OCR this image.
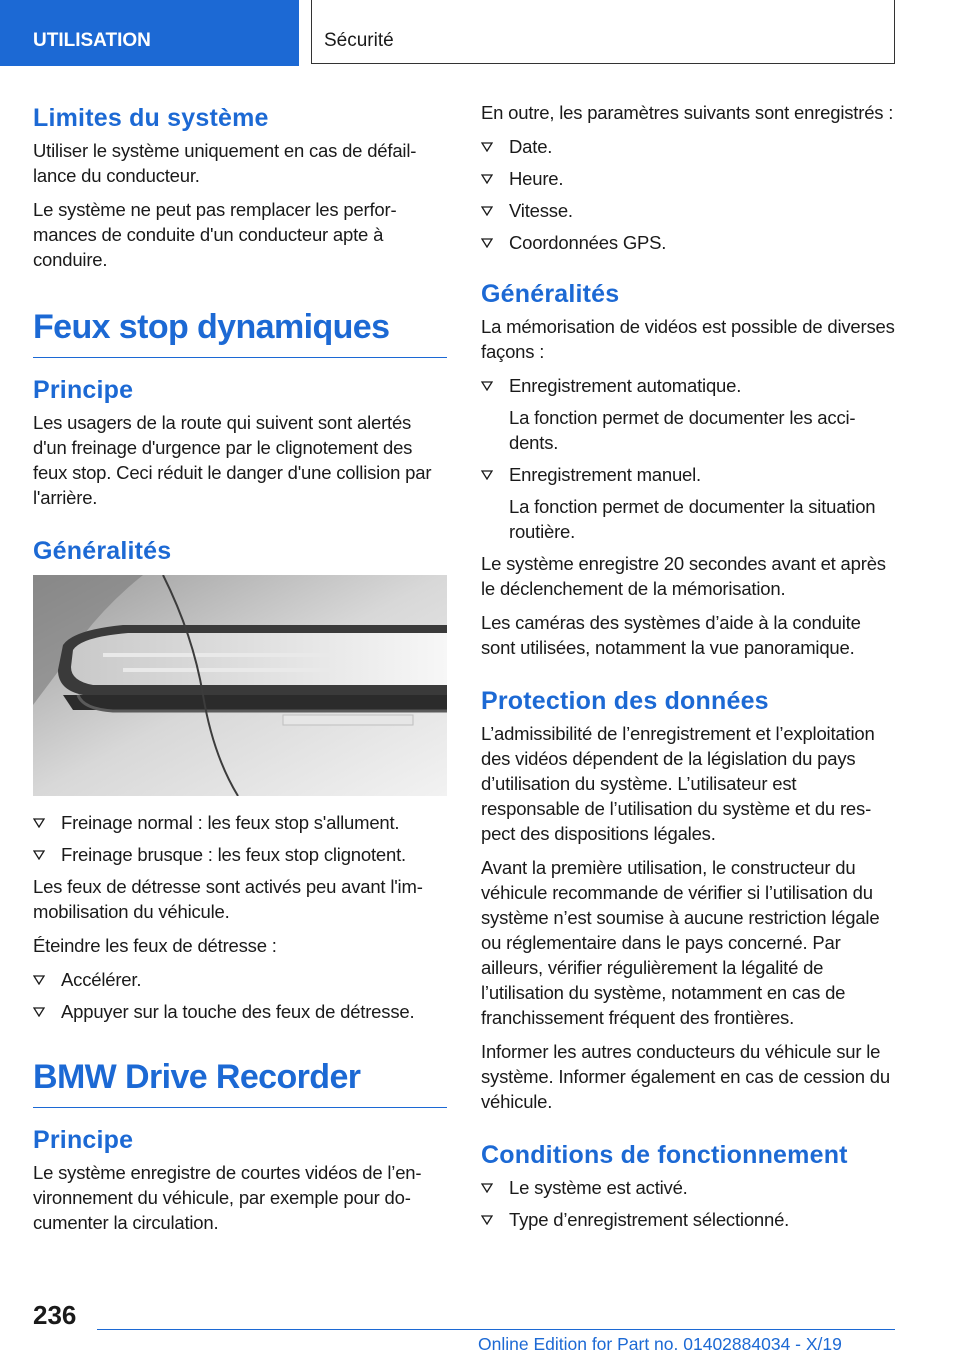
UTILISATION	Sécurité
Limites du système

Utiliser le système uniquement en cas de défaillance du conducteur.

Le système ne peut pas remplacer les performances de conduite d'un conducteur apte à conduire.

Feux stop dynamiques
Principe

Les usagers de la route qui suivent sont alertés d'un freinage d'urgence par le clignotement des feux stop. Ceci réduit le danger d'une collision par l'arrière.

Généralités
Freinage normal : les feux stop s'allument.
Freinage brusque : les feux stop clignotent.

Les feux de détresse sont activés peu avant l'immobilisation du véhicule.

Éteindre les feux de détresse :

Accélérer.
Appuyer sur la touche des feux de détresse.
BMW Drive Recorder
Principe

Le système enregistre de courtes vidéos de l’environnement du véhicule, par exemple pour documenter la circulation.

En outre, les paramètres suivants sont enregistrés :

Date.
Heure.
Vitesse.
Coordonnées GPS.
Généralités

La mémorisation de vidéos est possible de diverses façons :

Enregistrement automatique.
La fonction permet de documenter les accidents.
Enregistrement manuel.
La fonction permet de documenter la situation routière.

Le système enregistre 20 secondes avant et après le déclenchement de la mémorisation.

Les caméras des systèmes d’aide à la conduite sont utilisées, notamment la vue panoramique.

Protection des données

L’admissibilité de l’enregistrement et l’exploitation des vidéos dépendent de la législation du pays d’utilisation du système. L’utilisateur est responsable de l’utilisation du système et du respect des dispositions légales.

Avant la première utilisation, le constructeur du véhicule recommande de vérifier si l’utilisation du système n’est soumise à aucune restriction légale ou réglementaire dans le pays concerné. Par ailleurs, vérifier régulièrement la légalité de l’utilisation du système, notamment en cas de franchissement fréquent des frontières.

Informer les autres conducteurs du véhicule sur le système. Informer également en cas de cession du véhicule.

Conditions de fonctionnement
Le système est activé.
Type d’enregistrement sélectionné.
236
Online Edition for Part no. 01402884034 - X/19
